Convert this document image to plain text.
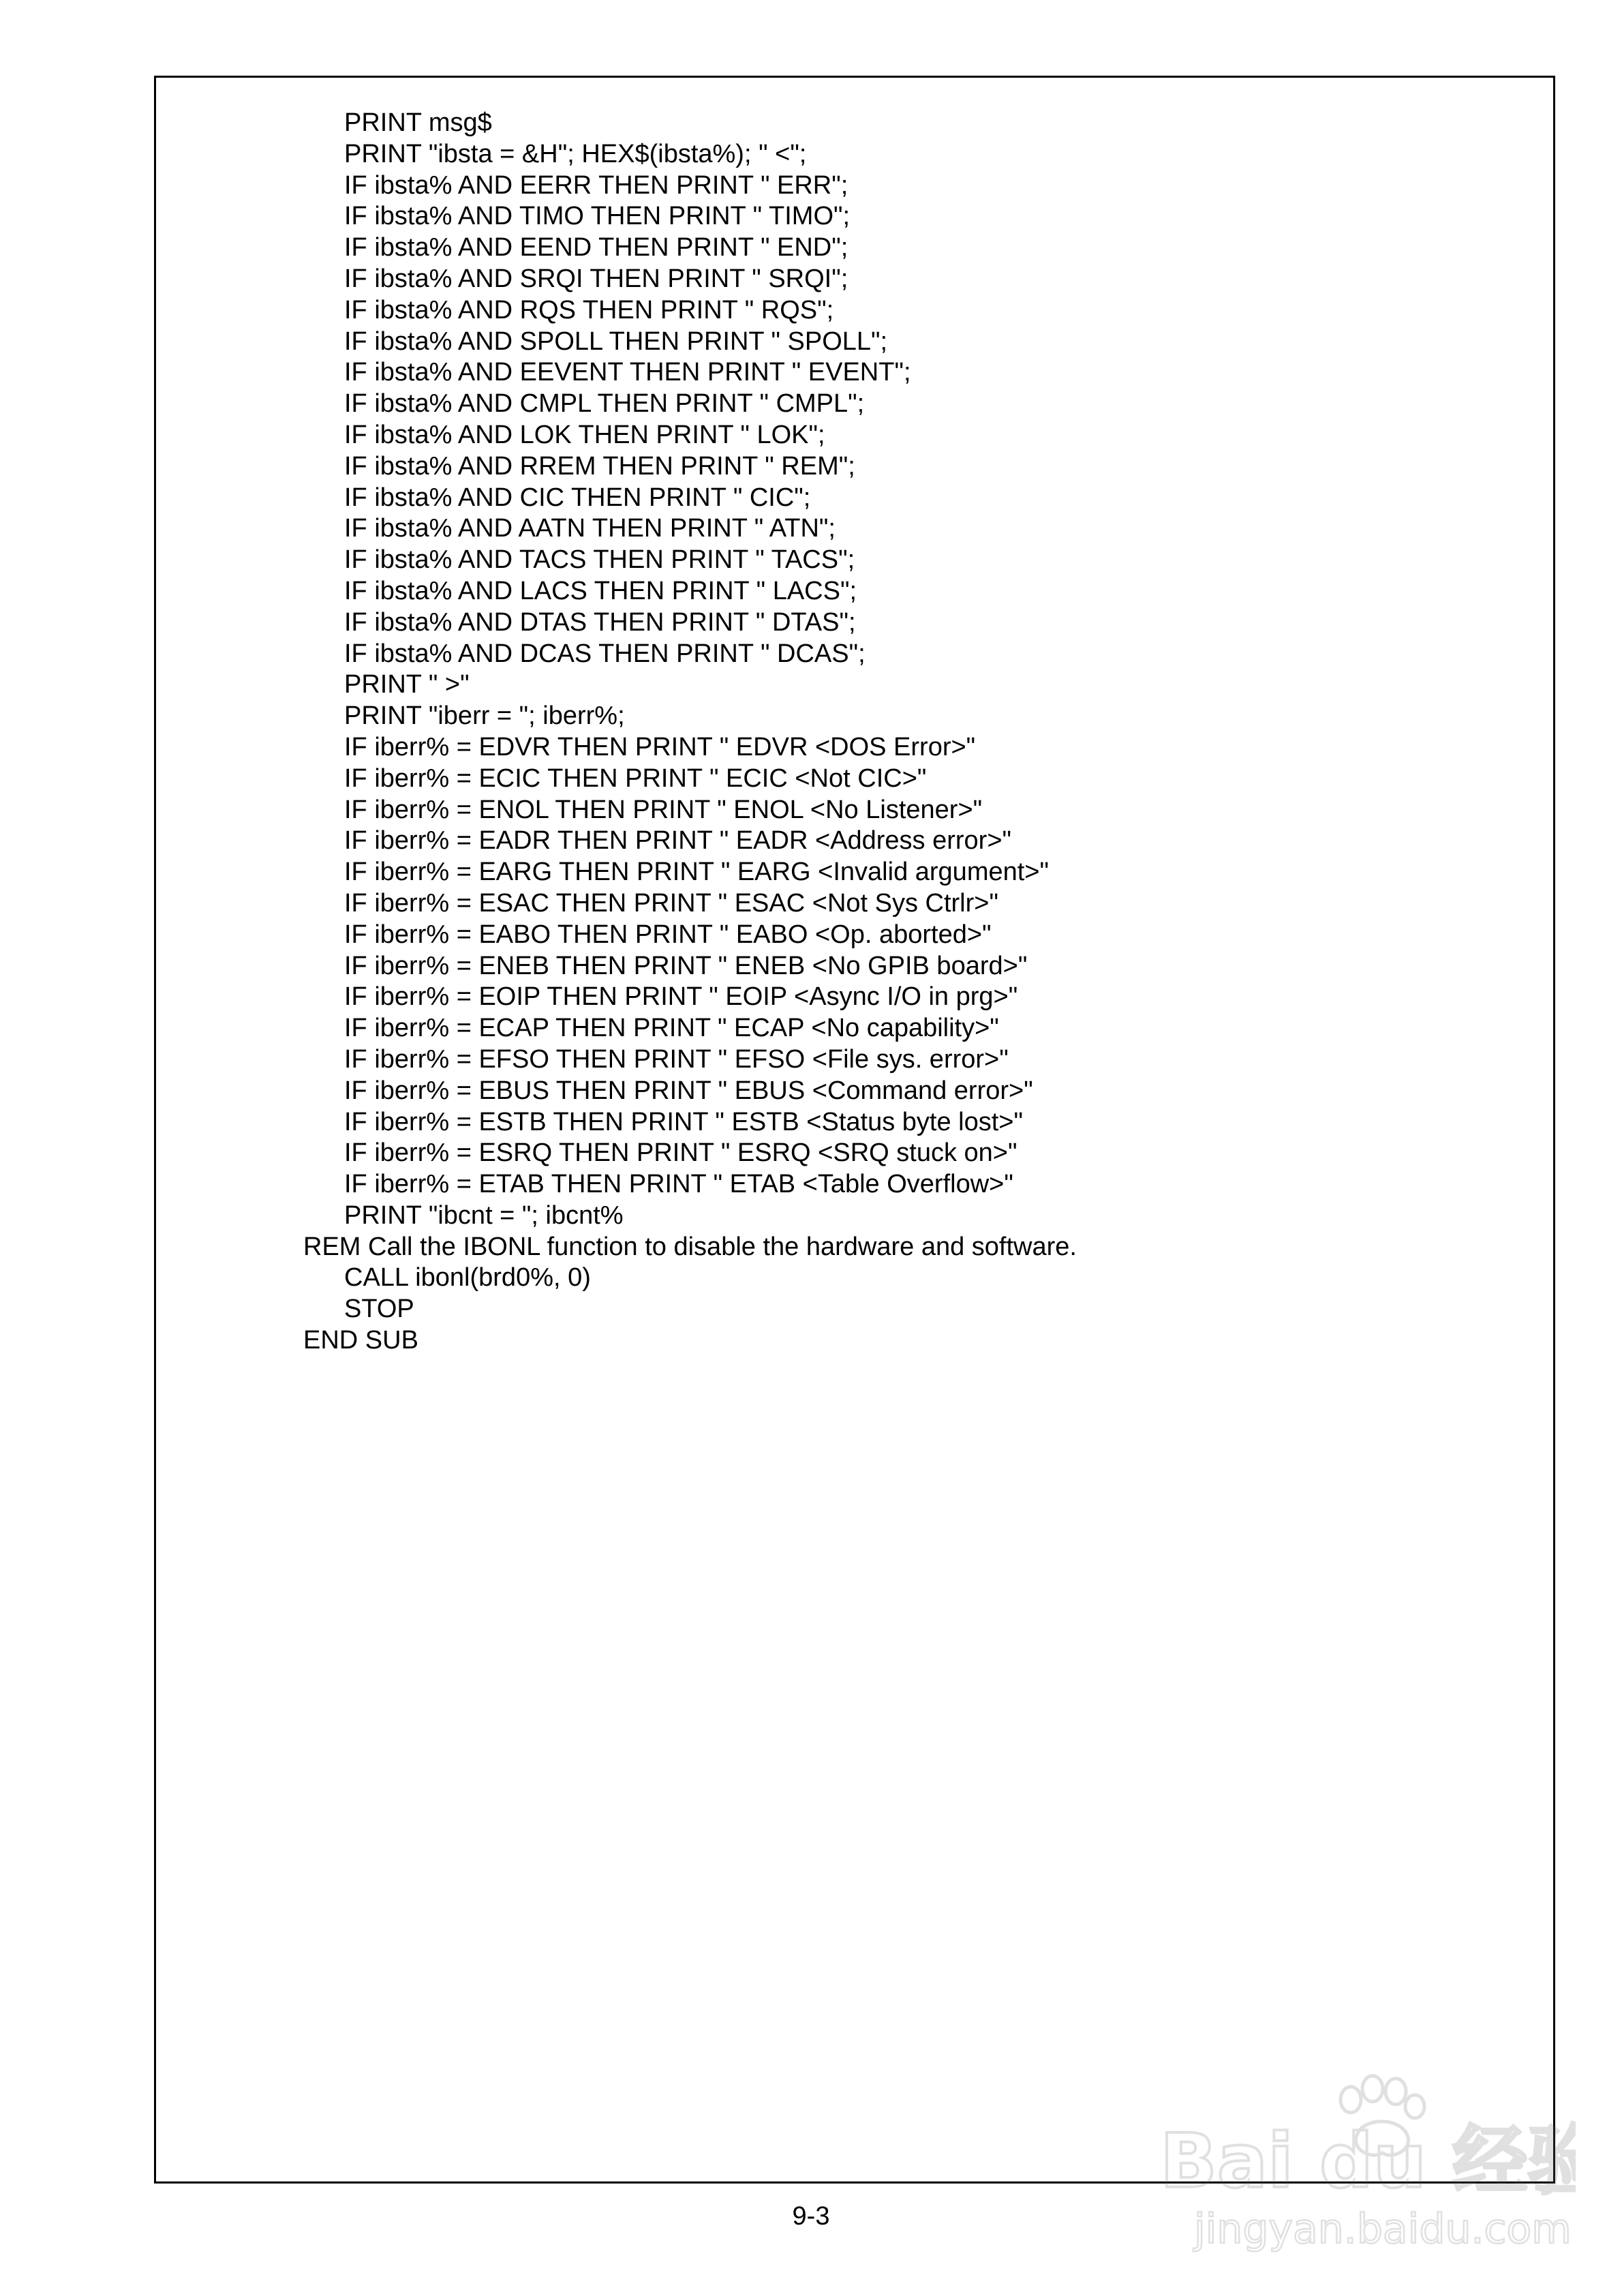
PRINT msg$
PRINT "ibsta = &H"; HEX$(ibsta%); " <";
IF ibsta% AND EERR THEN PRINT " ERR";
IF ibsta% AND TIMO THEN PRINT " TIMO";
IF ibsta% AND EEND THEN PRINT " END";
IF ibsta% AND SRQI THEN PRINT " SRQI";
IF ibsta% AND RQS THEN PRINT " RQS";
IF ibsta% AND SPOLL THEN PRINT " SPOLL";
IF ibsta% AND EEVENT THEN PRINT " EVENT";
IF ibsta% AND CMPL THEN PRINT " CMPL";
IF ibsta% AND LOK THEN PRINT " LOK";
IF ibsta% AND RREM THEN PRINT " REM";
IF ibsta% AND CIC THEN PRINT " CIC";
IF ibsta% AND AATN THEN PRINT " ATN";
IF ibsta% AND TACS THEN PRINT " TACS";
IF ibsta% AND LACS THEN PRINT " LACS";
IF ibsta% AND DTAS THEN PRINT " DTAS";
IF ibsta% AND DCAS THEN PRINT " DCAS";
PRINT " >"
PRINT "iberr = "; iberr%;
IF iberr% = EDVR THEN PRINT " EDVR <DOS Error>"
IF iberr% = ECIC THEN PRINT " ECIC <Not CIC>"
IF iberr% = ENOL THEN PRINT " ENOL <No Listener>"
IF iberr% = EADR THEN PRINT " EADR <Address error>"
IF iberr% = EARG THEN PRINT " EARG <Invalid argument>"
IF iberr% = ESAC THEN PRINT " ESAC <Not Sys Ctrlr>"
IF iberr% = EABO THEN PRINT " EABO <Op. aborted>"
IF iberr% = ENEB THEN PRINT " ENEB <No GPIB board>"
IF iberr% = EOIP THEN PRINT " EOIP <Async I/O in prg>"
IF iberr% = ECAP THEN PRINT " ECAP <No capability>"
IF iberr% = EFSO THEN PRINT " EFSO <File sys. error>"
IF iberr% = EBUS THEN PRINT " EBUS <Command error>"
IF iberr% = ESTB THEN PRINT " ESTB <Status byte lost>"
IF iberr% = ESRQ THEN PRINT " ESRQ <SRQ stuck on>"
IF iberr% = ETAB THEN PRINT " ETAB <Table Overflow>"
PRINT "ibcnt = "; ibcnt%
REM Call the IBONL function to disable the hardware and software.
CALL ibonl(brd0%, 0)
STOP
END SUB
9-3
Bai du 经验
jingyan.baidu.com
